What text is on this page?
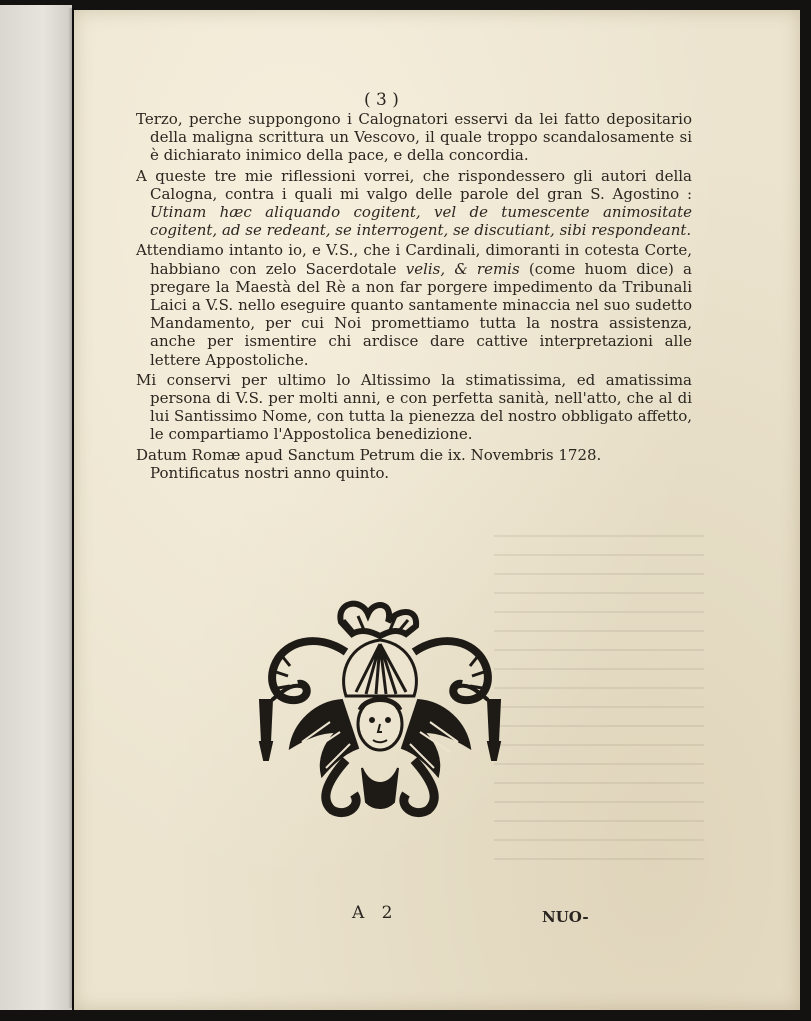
( 3 )

Terzo, perche suppongono i Calognatori esservi da lei fatto depositario della maligna scrittura un Vescovo, il quale troppo scandalosamente si è dichiarato inimico della pace, e della concordia.

A queste tre mie riflessioni vorrei, che rispondessero gli autori della Calogna, contra i quali mi valgo delle parole del gran S. Agostino : Utinam hæc aliquando cogitent, vel de tumescente animositate cogitent, ad se redeant, se interrogent, se discutiant, sibi respondeant.

Attendiamo intanto io, e V.S., che i Cardinali, dimoranti in cotesta Corte, habbiano con zelo Sacerdotale velis, & remis (come huom dice) a pregare la Maestà del Rè a non far porgere impedimento da Tribunali Laici a V.S. nello eseguire quanto santamente minaccia nel suo sudetto Mandamento, per cui Noi promettiamo tutta la nostra assistenza, anche per ismentire chi ardisce dare cattive interpretazioni alle lettere Appostoliche.

Mi conservi per ultimo lo Altissimo la stimatissima, ed amatissima persona di V.S. per molti anni, e con perfetta sanità, nell'atto, che al di lui Santissimo Nome, con tutta la pienezza del nostro obbligato affetto, le compartiamo l'Appostolica benedizione.

Datum Romæ apud Sanctum Petrum die ix. Novembris 1728.
Pontificatus nostri anno quinto.

A 2	NUO-
